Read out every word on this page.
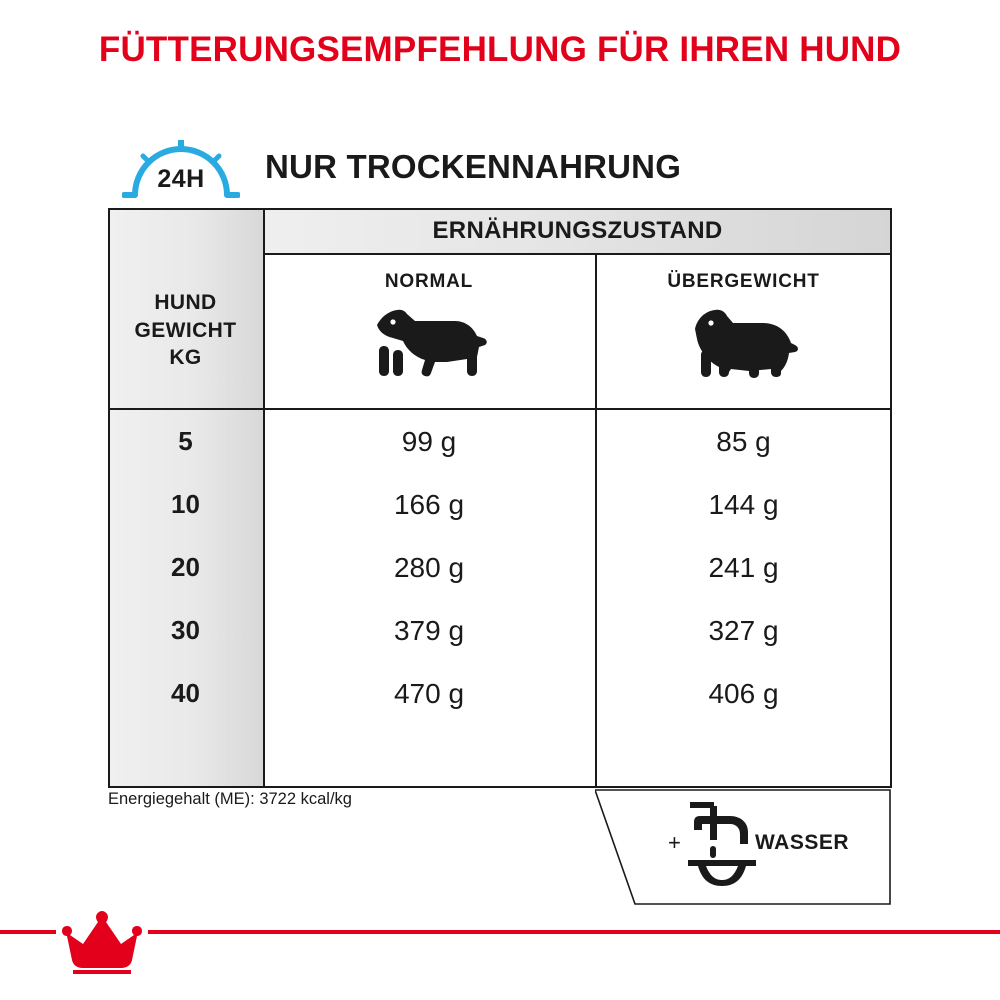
FÜTTERUNGSEMPFEHLUNG FÜR IHREN HUND
24H	NUR TROCKENNAHRUNG
ERNÄHRUNGSZUSTAND
HUND
GEWICHT
KG
NORMAL	ÜBERGEWICHT
5	99 g	85 g
10	166 g	144 g
20	280 g	241 g
30	379 g	327 g
40	470 g	406 g
Energiegehalt (ME): 3722 kcal/kg
+	WASSER
